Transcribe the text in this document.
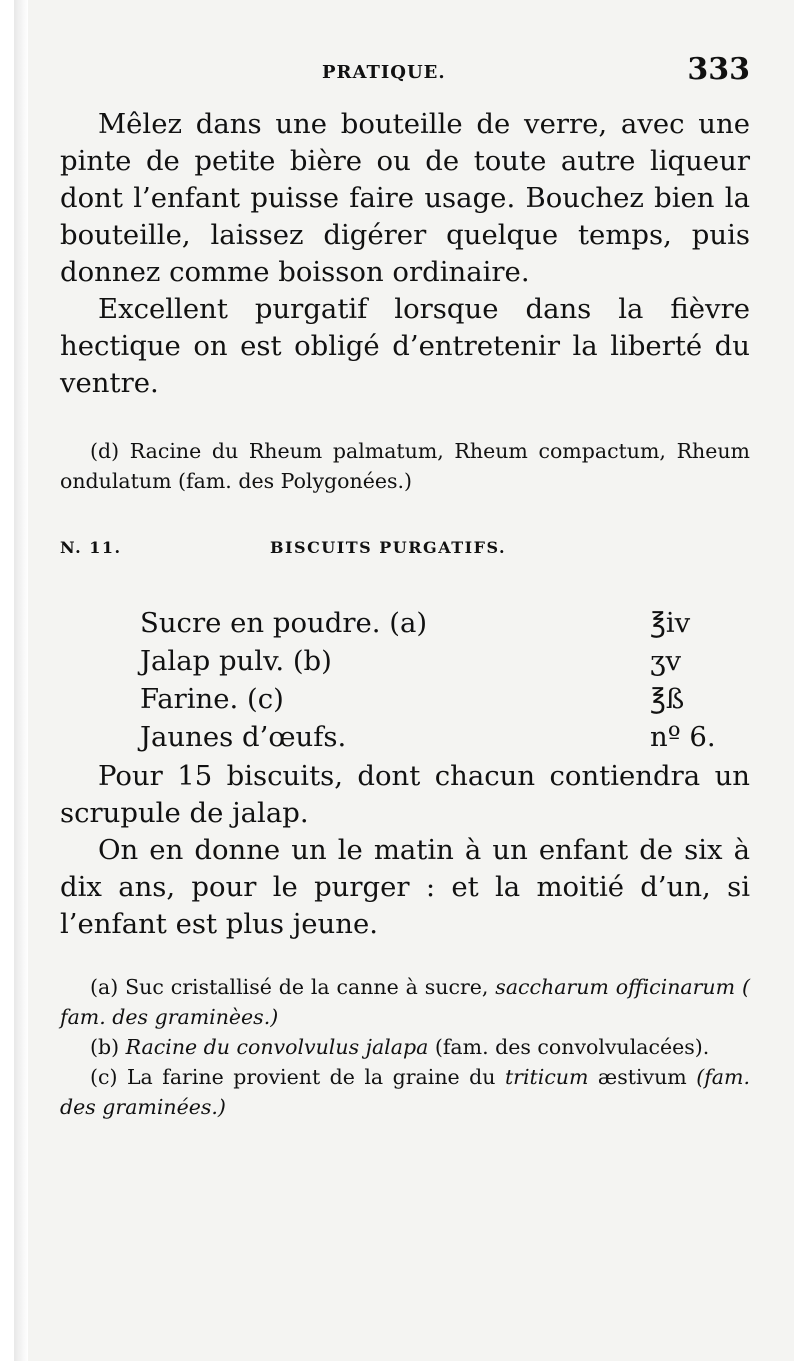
PRATIQUE.	333

Mêlez dans une bouteille de verre, avec une pinte de petite bière ou de toute autre liqueur dont l’enfant puisse faire usage. Bouchez bien la bouteille, laissez digérer quelque temps, puis donnez comme boisson ordinaire.

Excellent purgatif lorsque dans la fièvre hectique on est obligé d’entretenir la liberté du ventre.

(d) Racine du Rheum palmatum, Rheum compactum, Rheum ondulatum (fam. des Polygonées.)

N. 11.	BISCUITS PURGATIFS.
Sucre en poudre. (a)	℥iv
Jalap pulv. (b)	ʒv
Farine. (c)	℥ß
Jaunes d’œufs.	nº 6.

Pour 15 biscuits, dont chacun contiendra un scrupule de jalap.

On en donne un le matin à un enfant de six à dix ans, pour le purger : et la moitié d’un, si l’enfant est plus jeune.

(a) Suc cristallisé de la canne à sucre, saccharum officinarum ( fam. des graminèes.)

(b) Racine du convolvulus jalapa (fam. des convolvulacées).

(c) La farine provient de la graine du triticum æstivum (fam. des graminées.)
